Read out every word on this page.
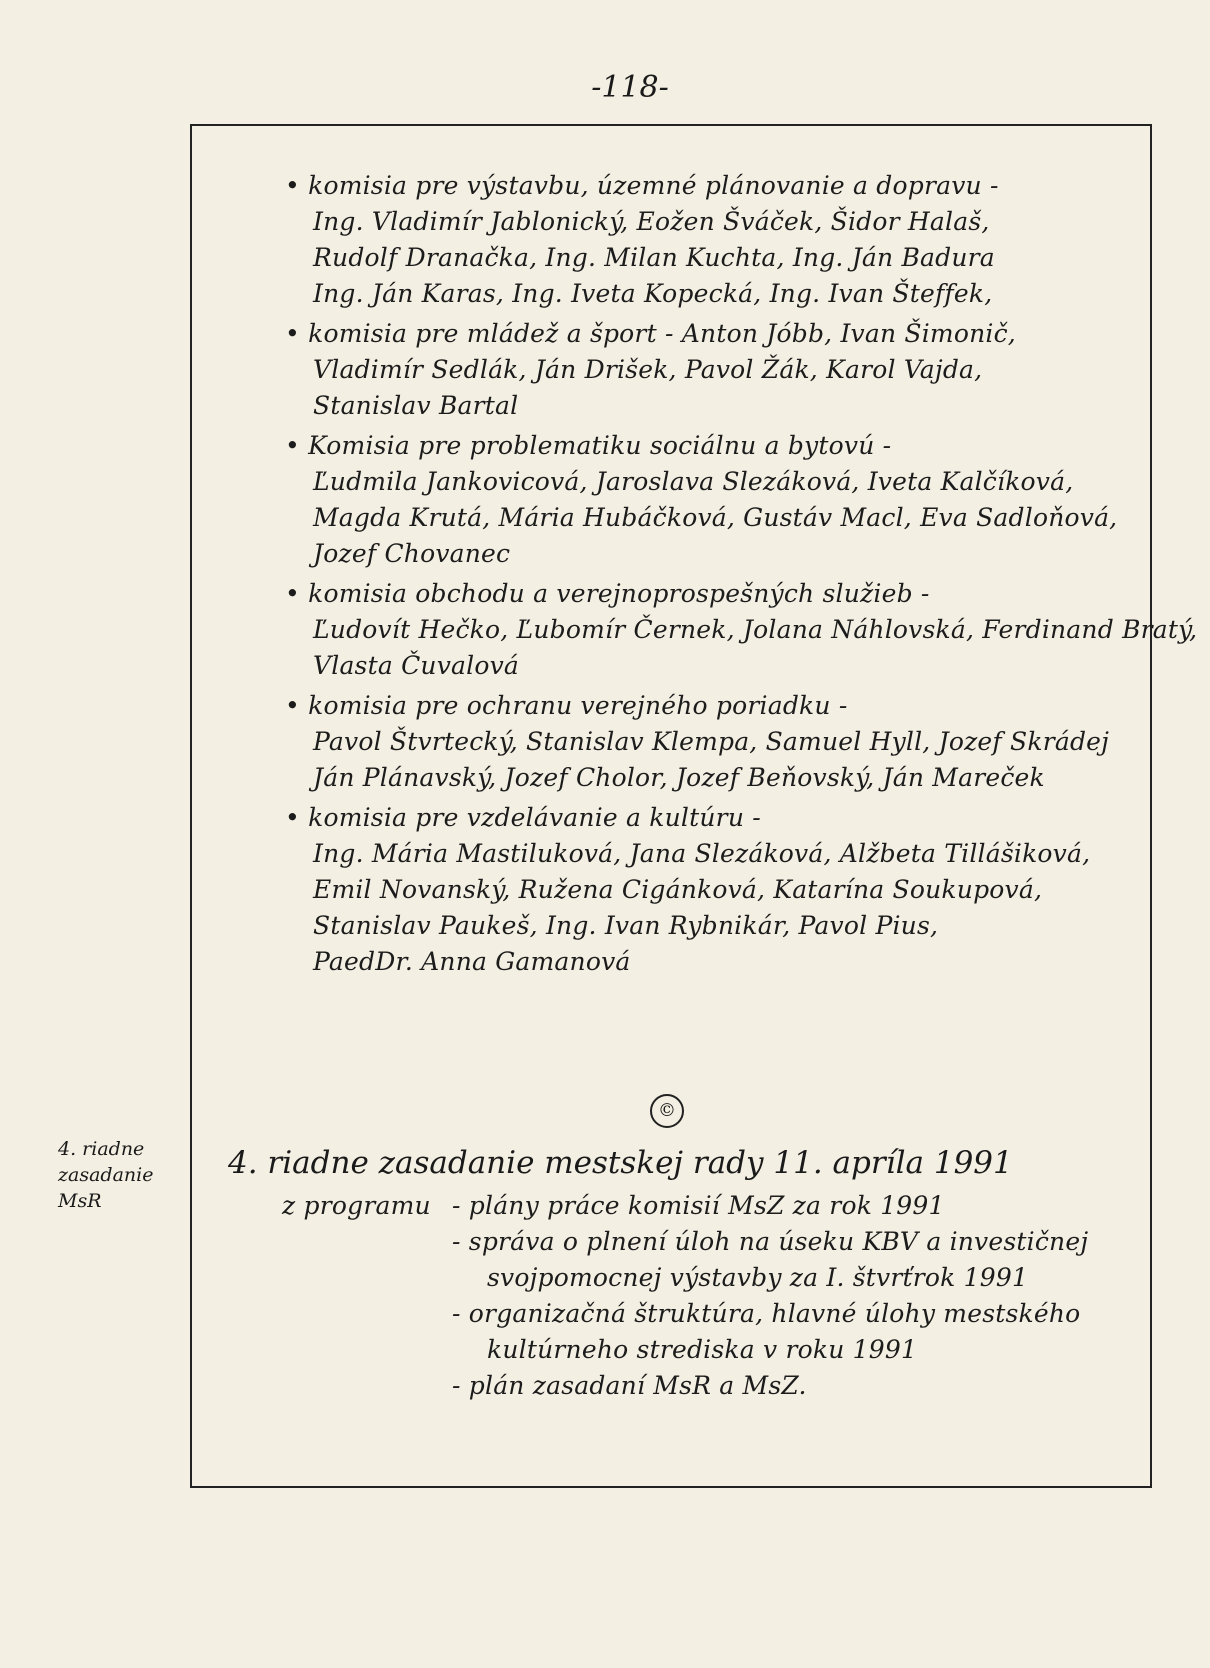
-118-
• komisia pre výstavbu, územné plánovanie a dopravu -
Ing. Vladimír Jablonický, Eožen Šváček, Šidor Halaš,
Rudolf Dranačka, Ing. Milan Kuchta, Ing. Ján Badura
Ing. Ján Karas, Ing. Iveta Kopecká, Ing. Ivan Šteffek,
• komisia pre mládež a šport - Anton Jóbb, Ivan Šimonič,
Vladimír Sedlák, Ján Drišek, Pavol Žák, Karol Vajda,
Stanislav Bartal
• Komisia pre problematiku sociálnu a bytovú -
Ľudmila Jankovicová, Jaroslava Slezáková, Iveta Kalčíková,
Magda Krutá, Mária Hubáčková, Gustáv Macl, Eva Sadloňová,
Jozef Chovanec
• komisia obchodu a verejnoprospešných služieb -
Ľudovít Hečko, Ľubomír Černek, Jolana Náhlovská, Ferdinand Bratý,
Vlasta Čuvalová
• komisia pre ochranu verejného poriadku -
Pavol Štvrtecký, Stanislav Klempa, Samuel Hyll, Jozef Skrádej
Ján Plánavský, Jozef Cholor, Jozef Beňovský, Ján Mareček
• komisia pre vzdelávanie a kultúru -
Ing. Mária Mastiluková, Jana Slezáková, Alžbeta Tillášiková,
Emil Novanský, Ružena Cigánková, Katarína Soukupová,
Stanislav Paukeš, Ing. Ivan Rybnikár, Pavol Pius,
PaedDr. Anna Gamanová
©
4. riadne
zasadanie
MsR
4. riadne zasadanie mestskej rady 11. apríla 1991
z programu - plány práce komisií MsZ za rok 1991
- správa o plnení úloh na úseku KBV a investičnej
svojpomocnej výstavby za I. štvrťrok 1991
- organizačná štruktúra, hlavné úlohy mestského
kultúrneho strediska v roku 1991
- plán zasadaní MsR a MsZ.
